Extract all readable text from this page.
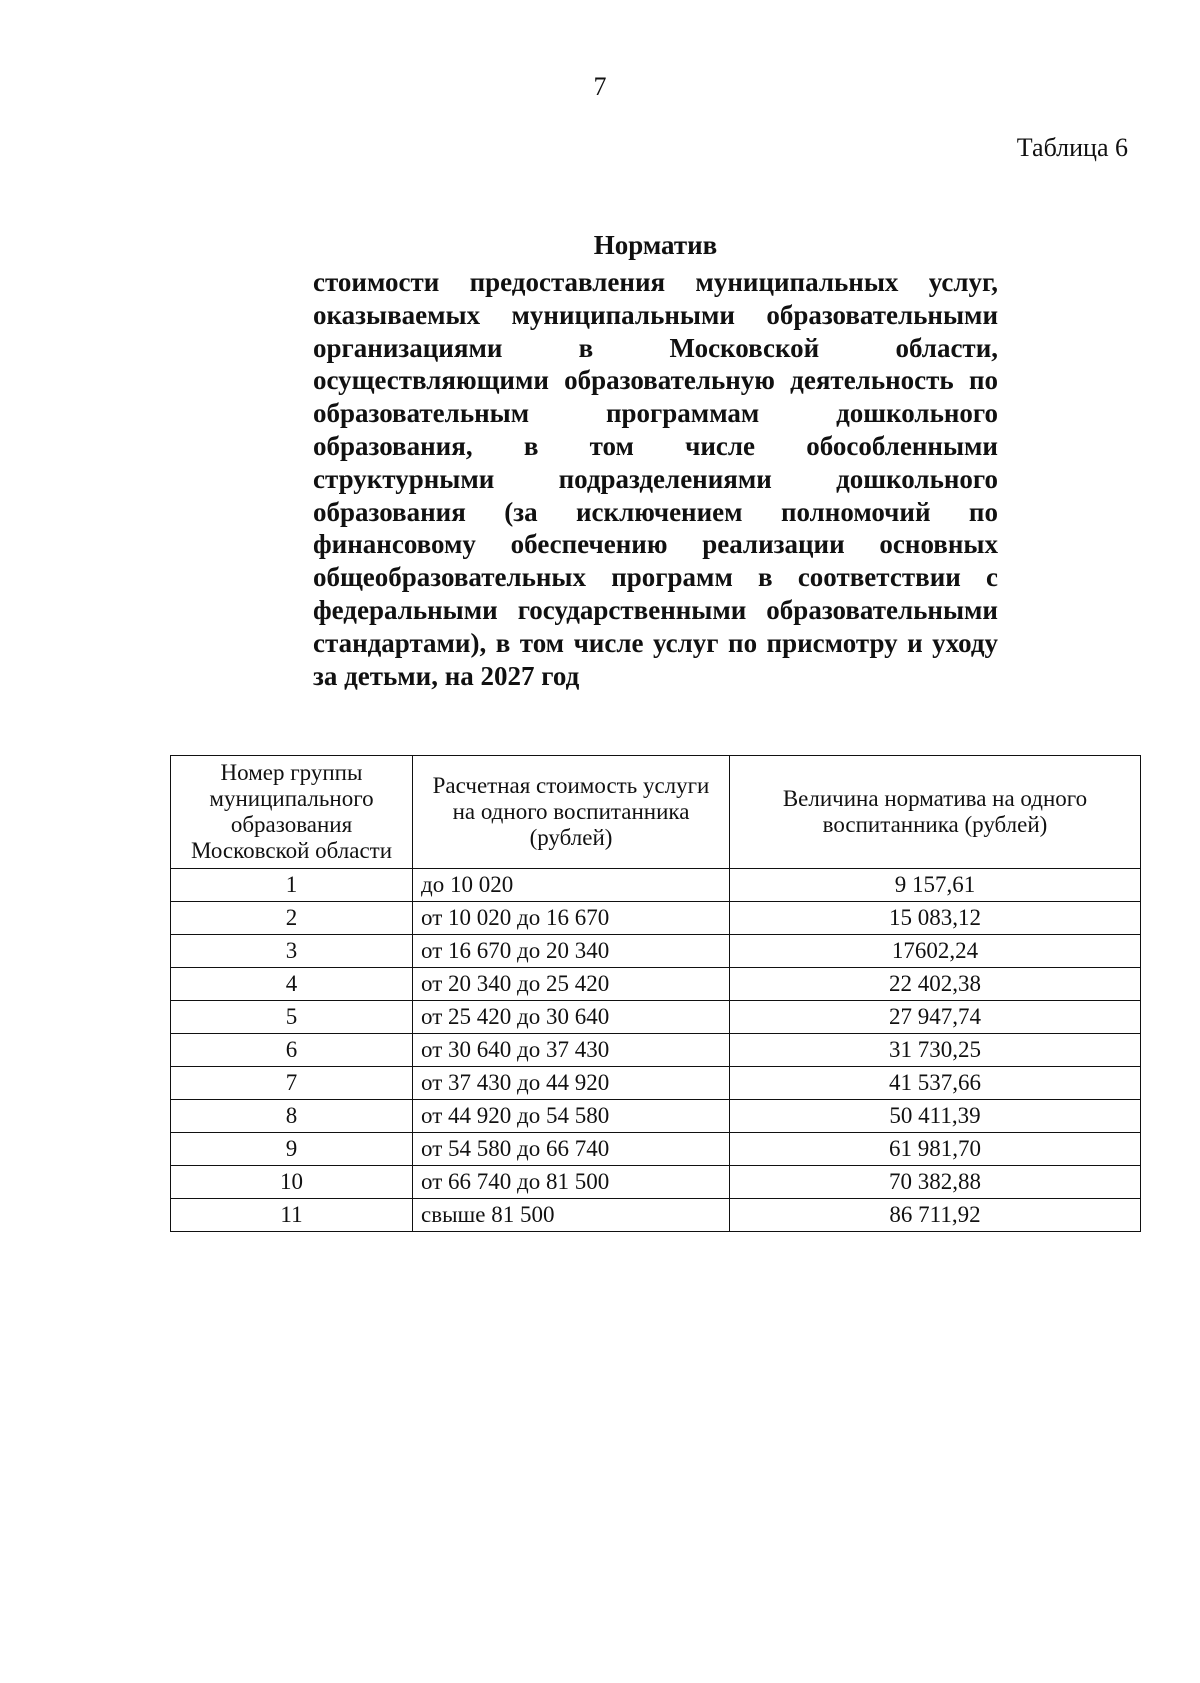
7
Таблица 6
Норматив
стоимости предоставления муниципальных услуг, оказываемых муниципальными образовательными организациями в Московской области, осуществляющими образовательную деятельность по образовательным программам дошкольного образования, в том числе обособленными структурными подразделениями дошкольного образования (за исключением полномочий по финансовому обеспечению реализации основных общеобразовательных программ в соответствии с федеральными государственными образовательными стандартами), в том числе услуг по присмотру и уходу за детьми, на 2027 год
Номер группы муниципального образования Московской области	Расчетная стоимость услуги на одного воспитанника (рублей)	Величина норматива на одного воспитанника (рублей)
1	до 10 020	9 157,61
2	от 10 020 до 16 670	15 083,12
3	от 16 670 до 20 340	17602,24
4	от 20 340 до 25 420	22 402,38
5	от 25 420 до 30 640	27 947,74
6	от 30 640 до 37 430	31 730,25
7	от 37 430 до 44 920	41 537,66
8	от 44 920 до 54 580	50 411,39
9	от 54 580 до 66 740	61 981,70
10	от 66 740 до 81 500	70 382,88
11	свыше 81 500	86 711,92
